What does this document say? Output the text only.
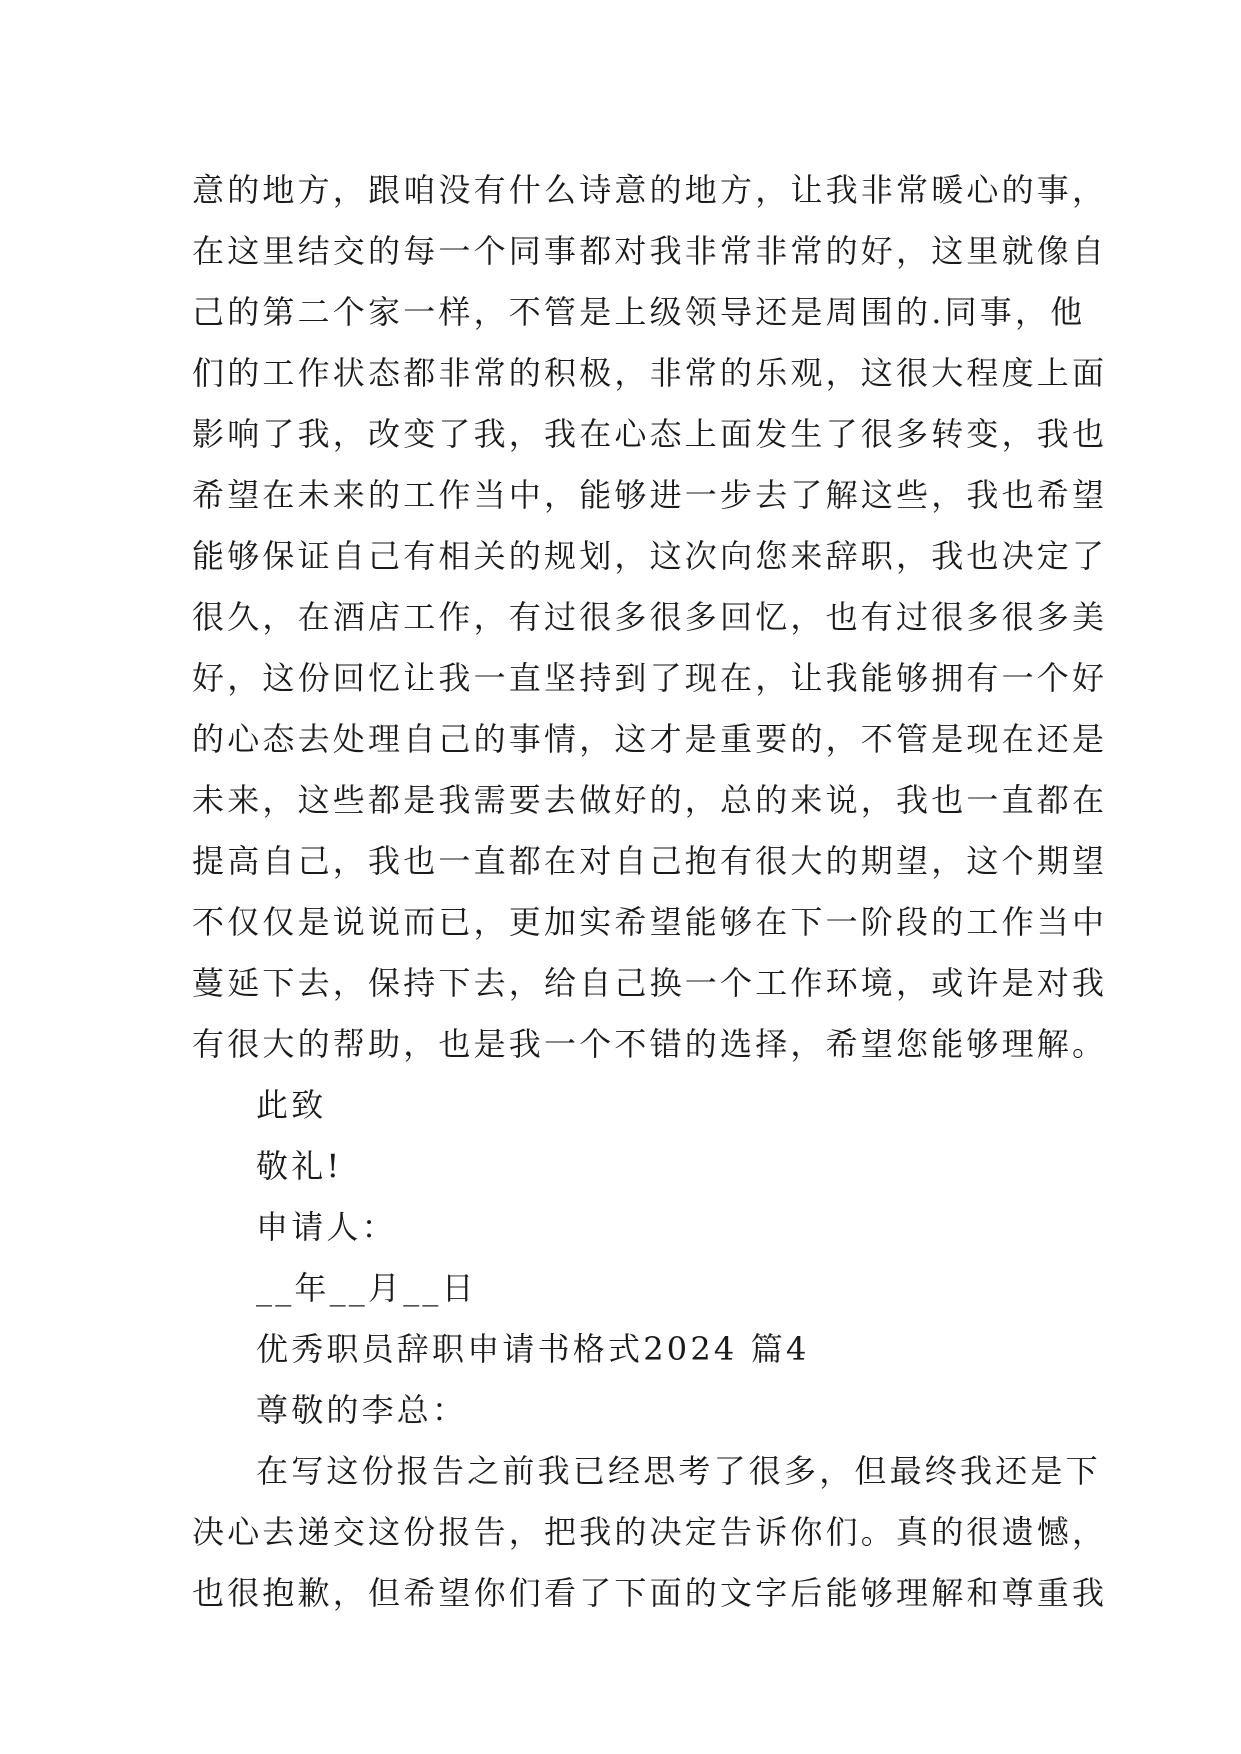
意的地方，跟咱没有什么诗意的地方，让我非常暖心的事，
在这里结交的每一个同事都对我非常非常的好，这里就像自
己的第二个家一样，不管是上级领导还是周围的.同事，他
们的工作状态都非常的积极，非常的乐观，这很大程度上面
影响了我，改变了我，我在心态上面发生了很多转变，我也
希望在未来的工作当中，能够进一步去了解这些，我也希望
能够保证自己有相关的规划，这次向您来辞职，我也决定了
很久，在酒店工作，有过很多很多回忆，也有过很多很多美
好，这份回忆让我一直坚持到了现在，让我能够拥有一个好
的心态去处理自己的事情，这才是重要的，不管是现在还是
未来，这些都是我需要去做好的，总的来说，我也一直都在
提高自己，我也一直都在对自己抱有很大的期望，这个期望
不仅仅是说说而已，更加实希望能够在下一阶段的工作当中
蔓延下去，保持下去，给自己换一个工作环境，或许是对我
有很大的帮助，也是我一个不错的选择，希望您能够理解。
此致
敬礼!
申请人：
__年__月__日
优秀职员辞职申请书格式2024 篇4
尊敬的李总：
在写这份报告之前我已经思考了很多，但最终我还是下
决心去递交这份报告，把我的决定告诉你们。真的很遗憾，
也很抱歉，但希望你们看了下面的文字后能够理解和尊重我
